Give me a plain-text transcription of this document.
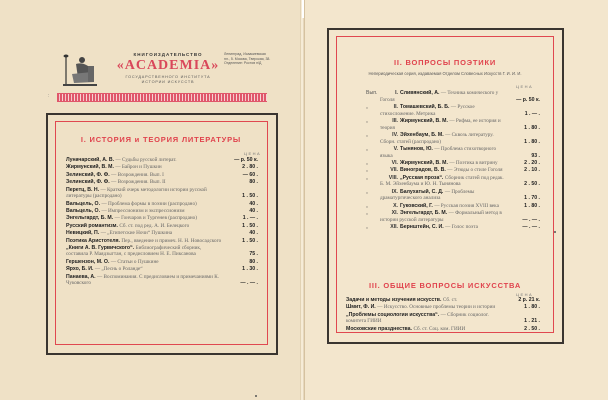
КНИГОИЗДАТЕЛЬСТВО
«ACADEMIA»
ГОСУДАРСТВЕННОГО ИНСТИТУТА ИСТОРИИ ИСКУССТВ
Ленинград, Исаакиевская пл., 5. Москва, Тверская, 38. Отделение: Ростов н/Д
:
I. ИСТОРИЯ и ТЕОРИЯ ЛИТЕРАТУРЫ
ЦЕНА
Луначарский, А. В. — Судьбы русской литерат.	— р. 50 к.
Жирмунский, В. М. — Байрон и Пушкин	2 . 80 .
Зелинский, Ф. Ф. — Возрождения. Вып. I	— 60 .
Зелинский, Ф. Ф. — Возрождения. Вып. II	80 .
Перетц, В. Н. — Краткий очерк методологии истории русской литературы (распродано)	1 . 50 .
Вальцель, О. — Проблема формы в поэзии (распродано)	40 .
Вальцель, О. — Импрессионизм и экспрессионизм	40 .
Энгельгардт, Б. М. — Гончаров и Тургенев (распродано)	1 . — .
Русский романтизм. Сб. ст. под ред. А. И. Белецкого	1 . 50 .
Невицкий, П. — „Египетские Ночи“ Пушкина	40 .
Поэтика Аристотеля. Пер., введение и примеч. Н. Н. Новосадского	1 . 50 .
„Книги А. В. Гурвичского“. Библиографический сборник, составила Р. Маядзыгтан, с предисловием Н. Е. Пиксанова	75 .
Гершензон, М. О. — Статьи о Пушкине	80 .
Ярхо, Б. И. — „Песнь о Роланде“	1 . 30 .
Панаева, А. — Воспоминания. С предисловием и примечаниями К. Чуковского	— . — .
II. ВОПРОСЫ ПОЭТИКИ
Непериодическая серия, издаваемая Отделом Словесных Искусств Г. И. И. И.
ЦЕНА
Вып.	I. Сливянский, А. — Техника комического у Гоголя	— р. 50 к.
„	II. Томашевский, Б. Б. — Русское стихосложение. Метрика	1 . — .
„	III. Жирмунский, В. М. — Рифма, ее история и теория	1 . 80 .
„	IV. Эйхенбаум, Б. М. — Сквозь литературу. Сборн. статей (распродано)	1 . 80 .
„	V. Тынянов, Ю. — Проблема стихотворного языка	93 .
„	VI. Жирмунский, В. М. — Поэтика в витрину	2 . 20 .
„	VII. Виноградов, В. В. — Этюды о стиле Гоголя	2 . 10 .
„	VIII. „Русская проза“. Сборник статей под редак. Б. М. Эйхенбаума и Ю. Н. Тынянова	2 . 50 .
„	IX. Балухатый, С. Д. — Проблемы драматургического анализа	1 . 70 .
„	X. Гуковский, Г. — Русская поэзия XVIII века	1 . 80 .
„	XI. Энгельгардт, Б. М. — Формальный метод в истории русской литературы	— . — .
„	XII. Бернштейн, С. И. — Голос поэта	— . — .
III. ОБЩИЕ ВОПРОСЫ ИСКУССТВА
ЦЕНА
Задачи и методы изучения искусств. Сб. ст.	2 р. 21 к.
Шмит, Ф. И. — Искусство. Основные проблемы теории и истории	1 . 80 .
„Проблемы социологии искусства“. — Сборник социолог. комитета ГИИИ	1 . 21 .
Московские празднества. Сб. ст. Соц. ком. ГИИИ	2 . 50 .
